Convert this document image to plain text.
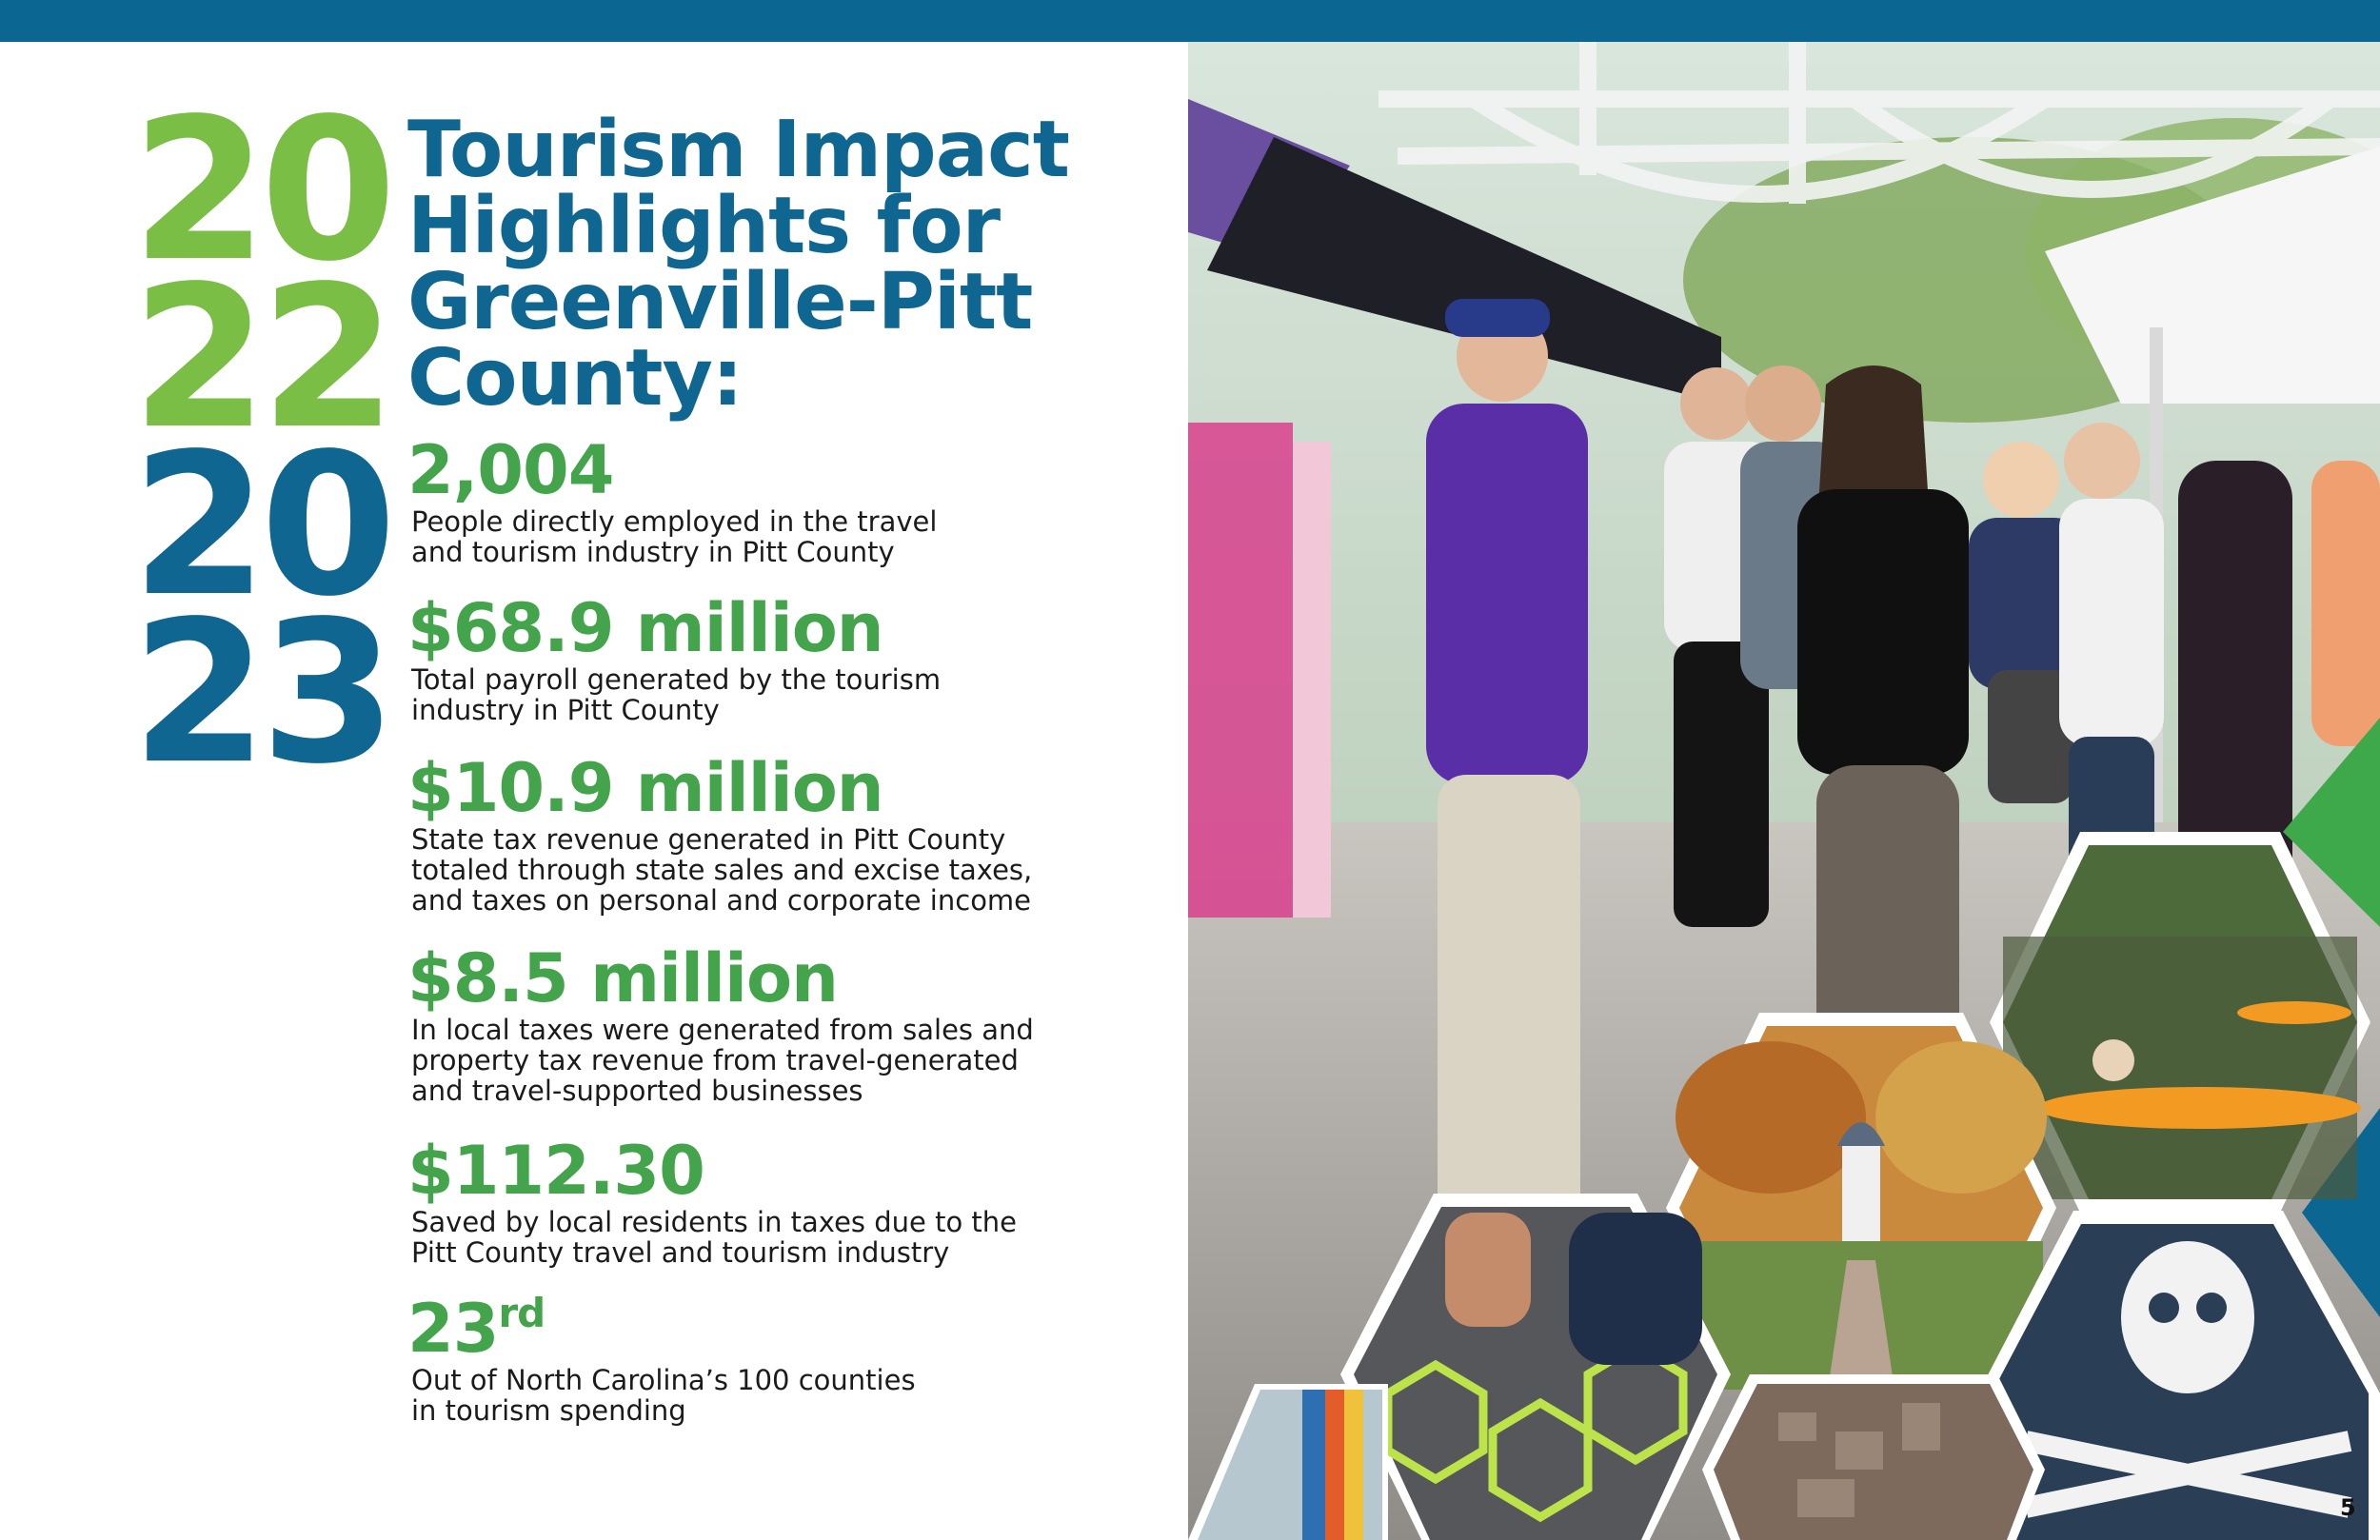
20
22
20
23
Tourism Impact
Highlights for
Greenville-Pitt
County:
2,004
People directly employed in the travel
and tourism industry in Pitt County
$68.9 million
Total payroll generated by the tourism
industry in Pitt County
$10.9 million
State tax revenue generated in Pitt County
totaled through state sales and excise taxes,
and taxes on personal and corporate income
$8.5 million
In local taxes were generated from sales and
property tax revenue from travel-generated
and travel-supported businesses
$112.30
Saved by local residents in taxes due to the
Pitt County travel and tourism industry
23rd
Out of North Carolina’s 100 counties
in tourism spending
5
